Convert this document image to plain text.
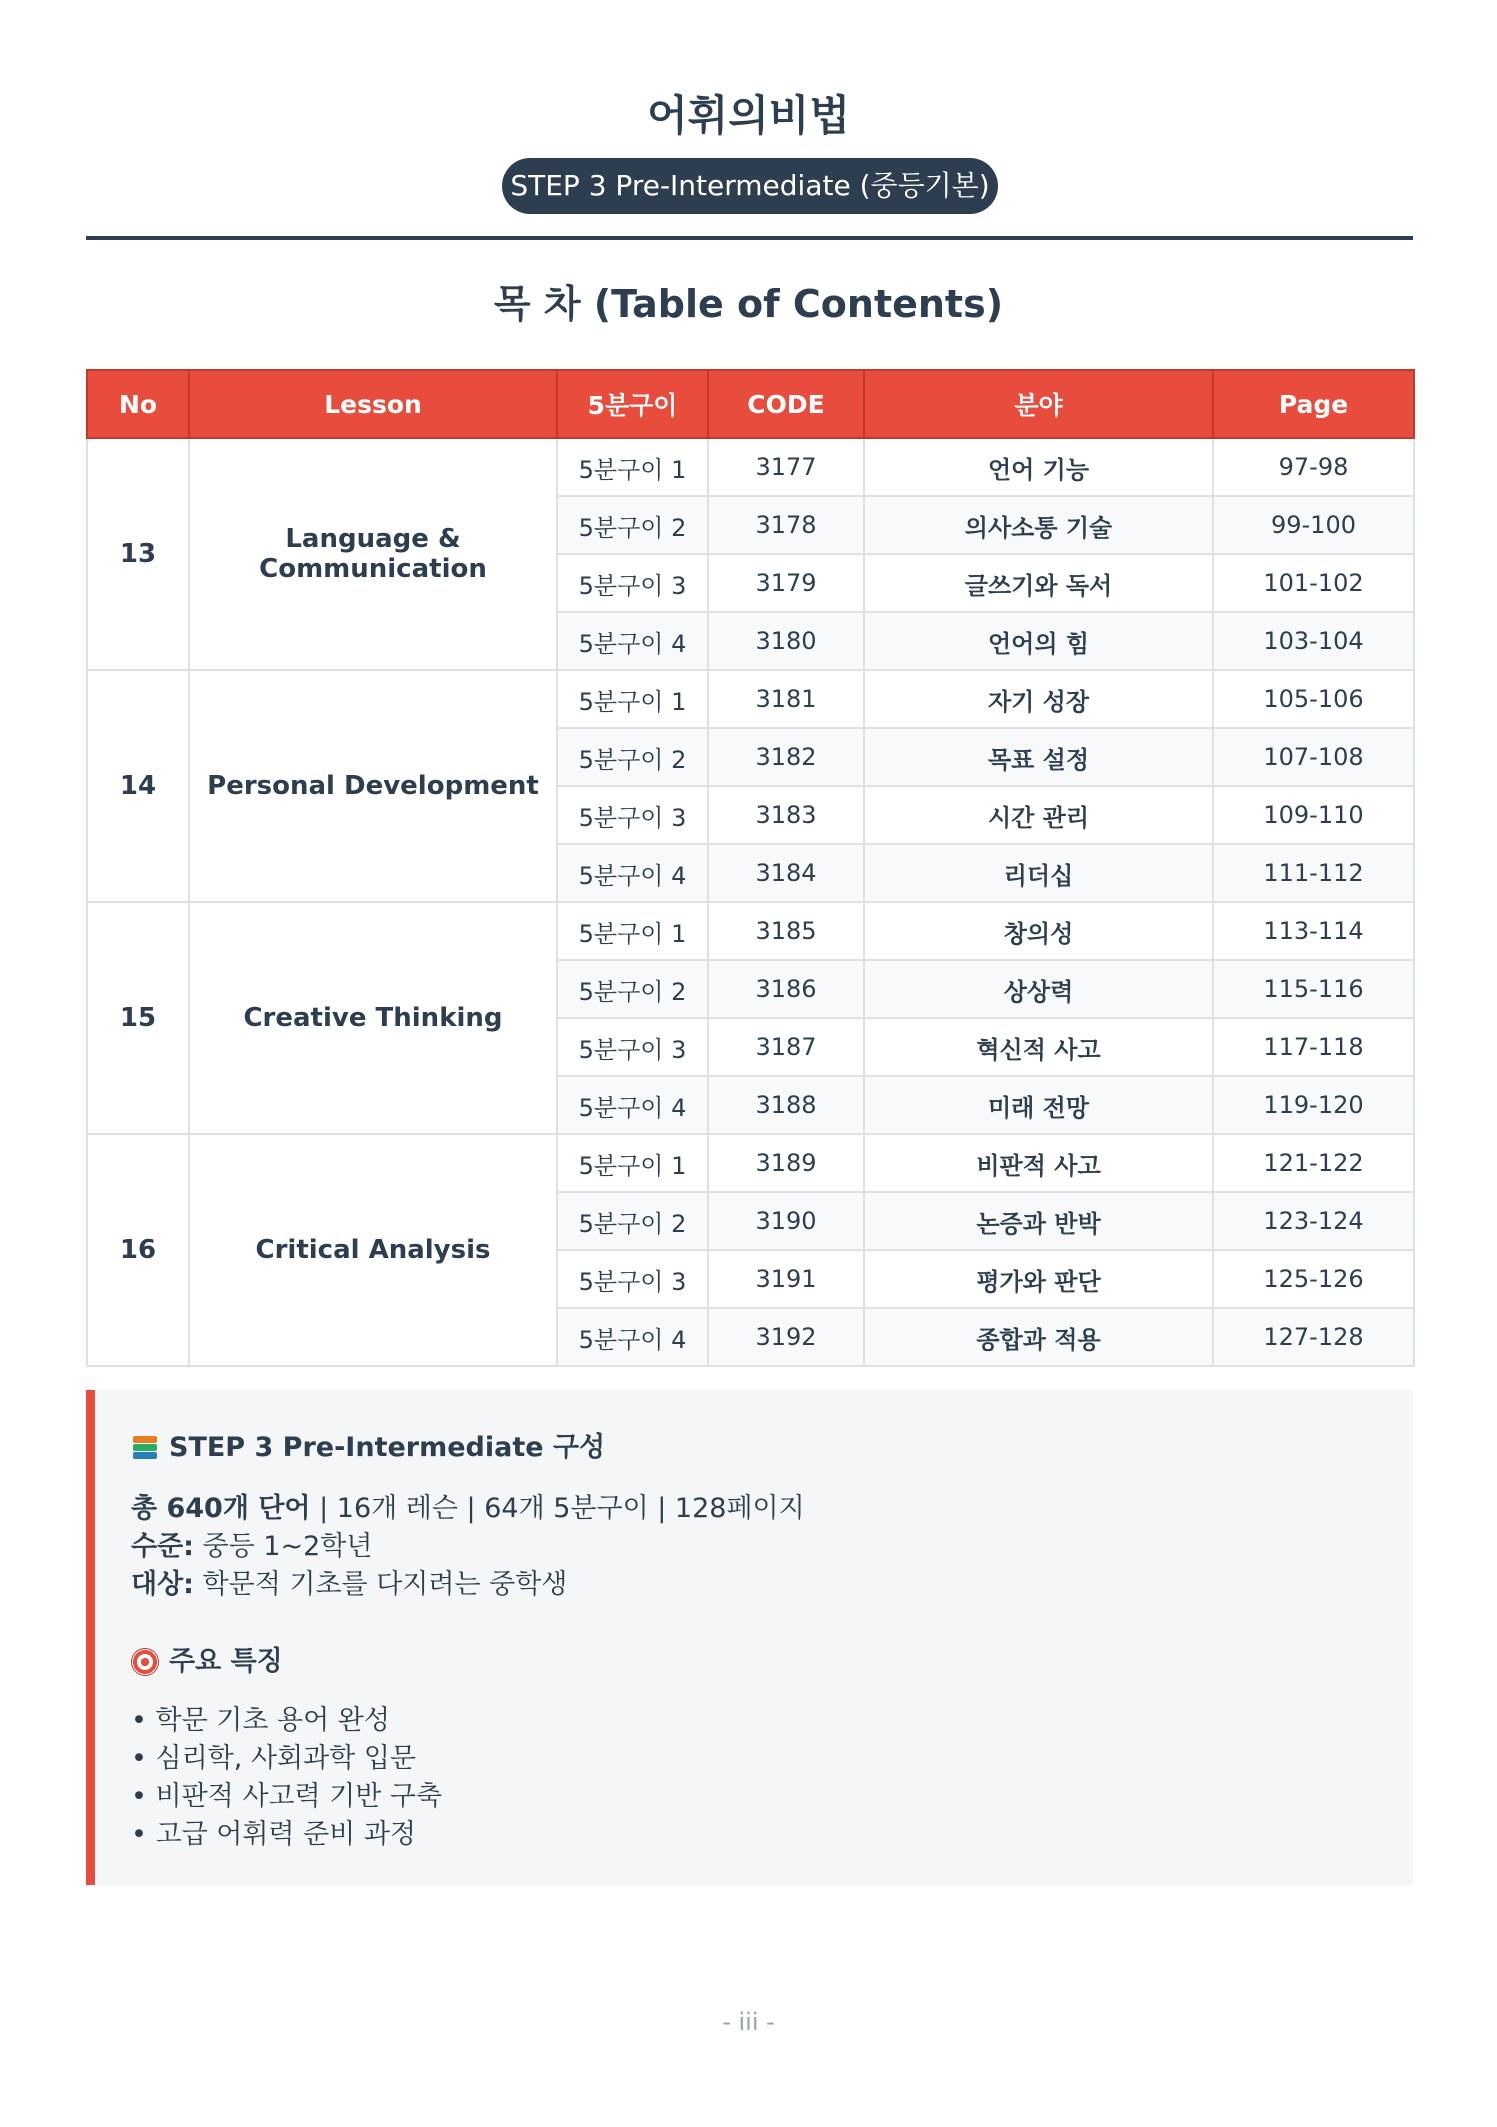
어휘의비법
STEP 3 Pre-Intermediate (중등기본)
목 차 (Table of Contents)
No	Lesson	5분구이	CODE	분야	Page
13	Language & Communication	5분구이 1	3177	언어 기능	97-98
		5분구이 2	3178	의사소통 기술	99-100
		5분구이 3	3179	글쓰기와 독서	101-102
		5분구이 4	3180	언어의 힘	103-104
14	Personal Development	5분구이 1	3181	자기 성장	105-106
		5분구이 2	3182	목표 설정	107-108
		5분구이 3	3183	시간 관리	109-110
		5분구이 4	3184	리더십	111-112
15	Creative Thinking	5분구이 1	3185	창의성	113-114
		5분구이 2	3186	상상력	115-116
		5분구이 3	3187	혁신적 사고	117-118
		5분구이 4	3188	미래 전망	119-120
16	Critical Analysis	5분구이 1	3189	비판적 사고	121-122
		5분구이 2	3190	논증과 반박	123-124
		5분구이 3	3191	평가와 판단	125-126
		5분구이 4	3192	종합과 적용	127-128
STEP 3 Pre-Intermediate 구성
총 640개 단어 | 16개 레슨 | 64개 5분구이 | 128페이지
수준: 중등 1~2학년
대상: 학문적 기초를 다지려는 중학생
주요 특징
• 학문 기초 용어 완성
• 심리학, 사회과학 입문
• 비판적 사고력 기반 구축
• 고급 어휘력 준비 과정
- iii -
